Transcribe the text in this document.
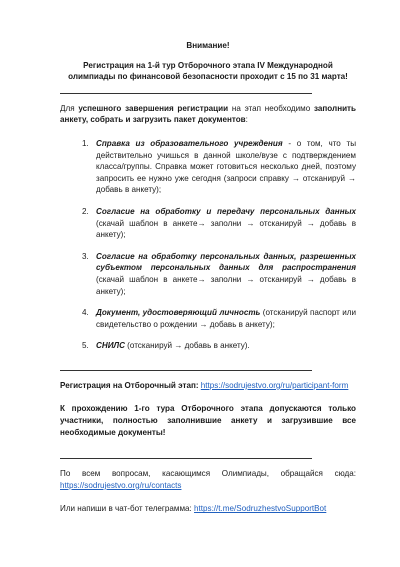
Внимание!

Регистрация на 1-й тур Отборочного этапа IV Международной олимпиады по финансовой безопасности проходит с 15 по 31 марта!

Для успешного завершения регистрации на этап необходимо заполнить анкету, собрать и загрузить пакет документов:

1. Справка из образовательного учреждения - о том, что ты действительно учишься в данной школе/вузе с подтверждением класса/группы. Справка может готовиться несколько дней, поэтому запросить ее нужно уже сегодня (запроси справку → отсканируй → добавь в анкету);
2. Согласие на обработку и передачу персональных данных (скачай шаблон в анкете→ заполни → отсканируй → добавь в анкету);
3. Согласие на обработку персональных данных, разрешенных субъектом персональных данных для распространения (скачай шаблон в анкете→ заполни → отсканируй → добавь в анкету);
4. Документ, удостоверяющий личность (отсканируй паспорт или свидетельство о рождении → добавь в анкету);
5. СНИЛС (отсканируй → добавь в анкету).

Регистрация на Отборочный этап: https://sodrujestvo.org/ru/participant-form

К прохождению 1-го тура Отборочного этапа допускаются только участники, полностью заполнившие анкету и загрузившие все необходимые документы!

По всем вопросам, касающимся Олимпиады, обращайся сюда: https://sodrujestvo.org/ru/contacts

Или напиши в чат-бот телеграмма: https://t.me/SodruzhestvoSupportBot
